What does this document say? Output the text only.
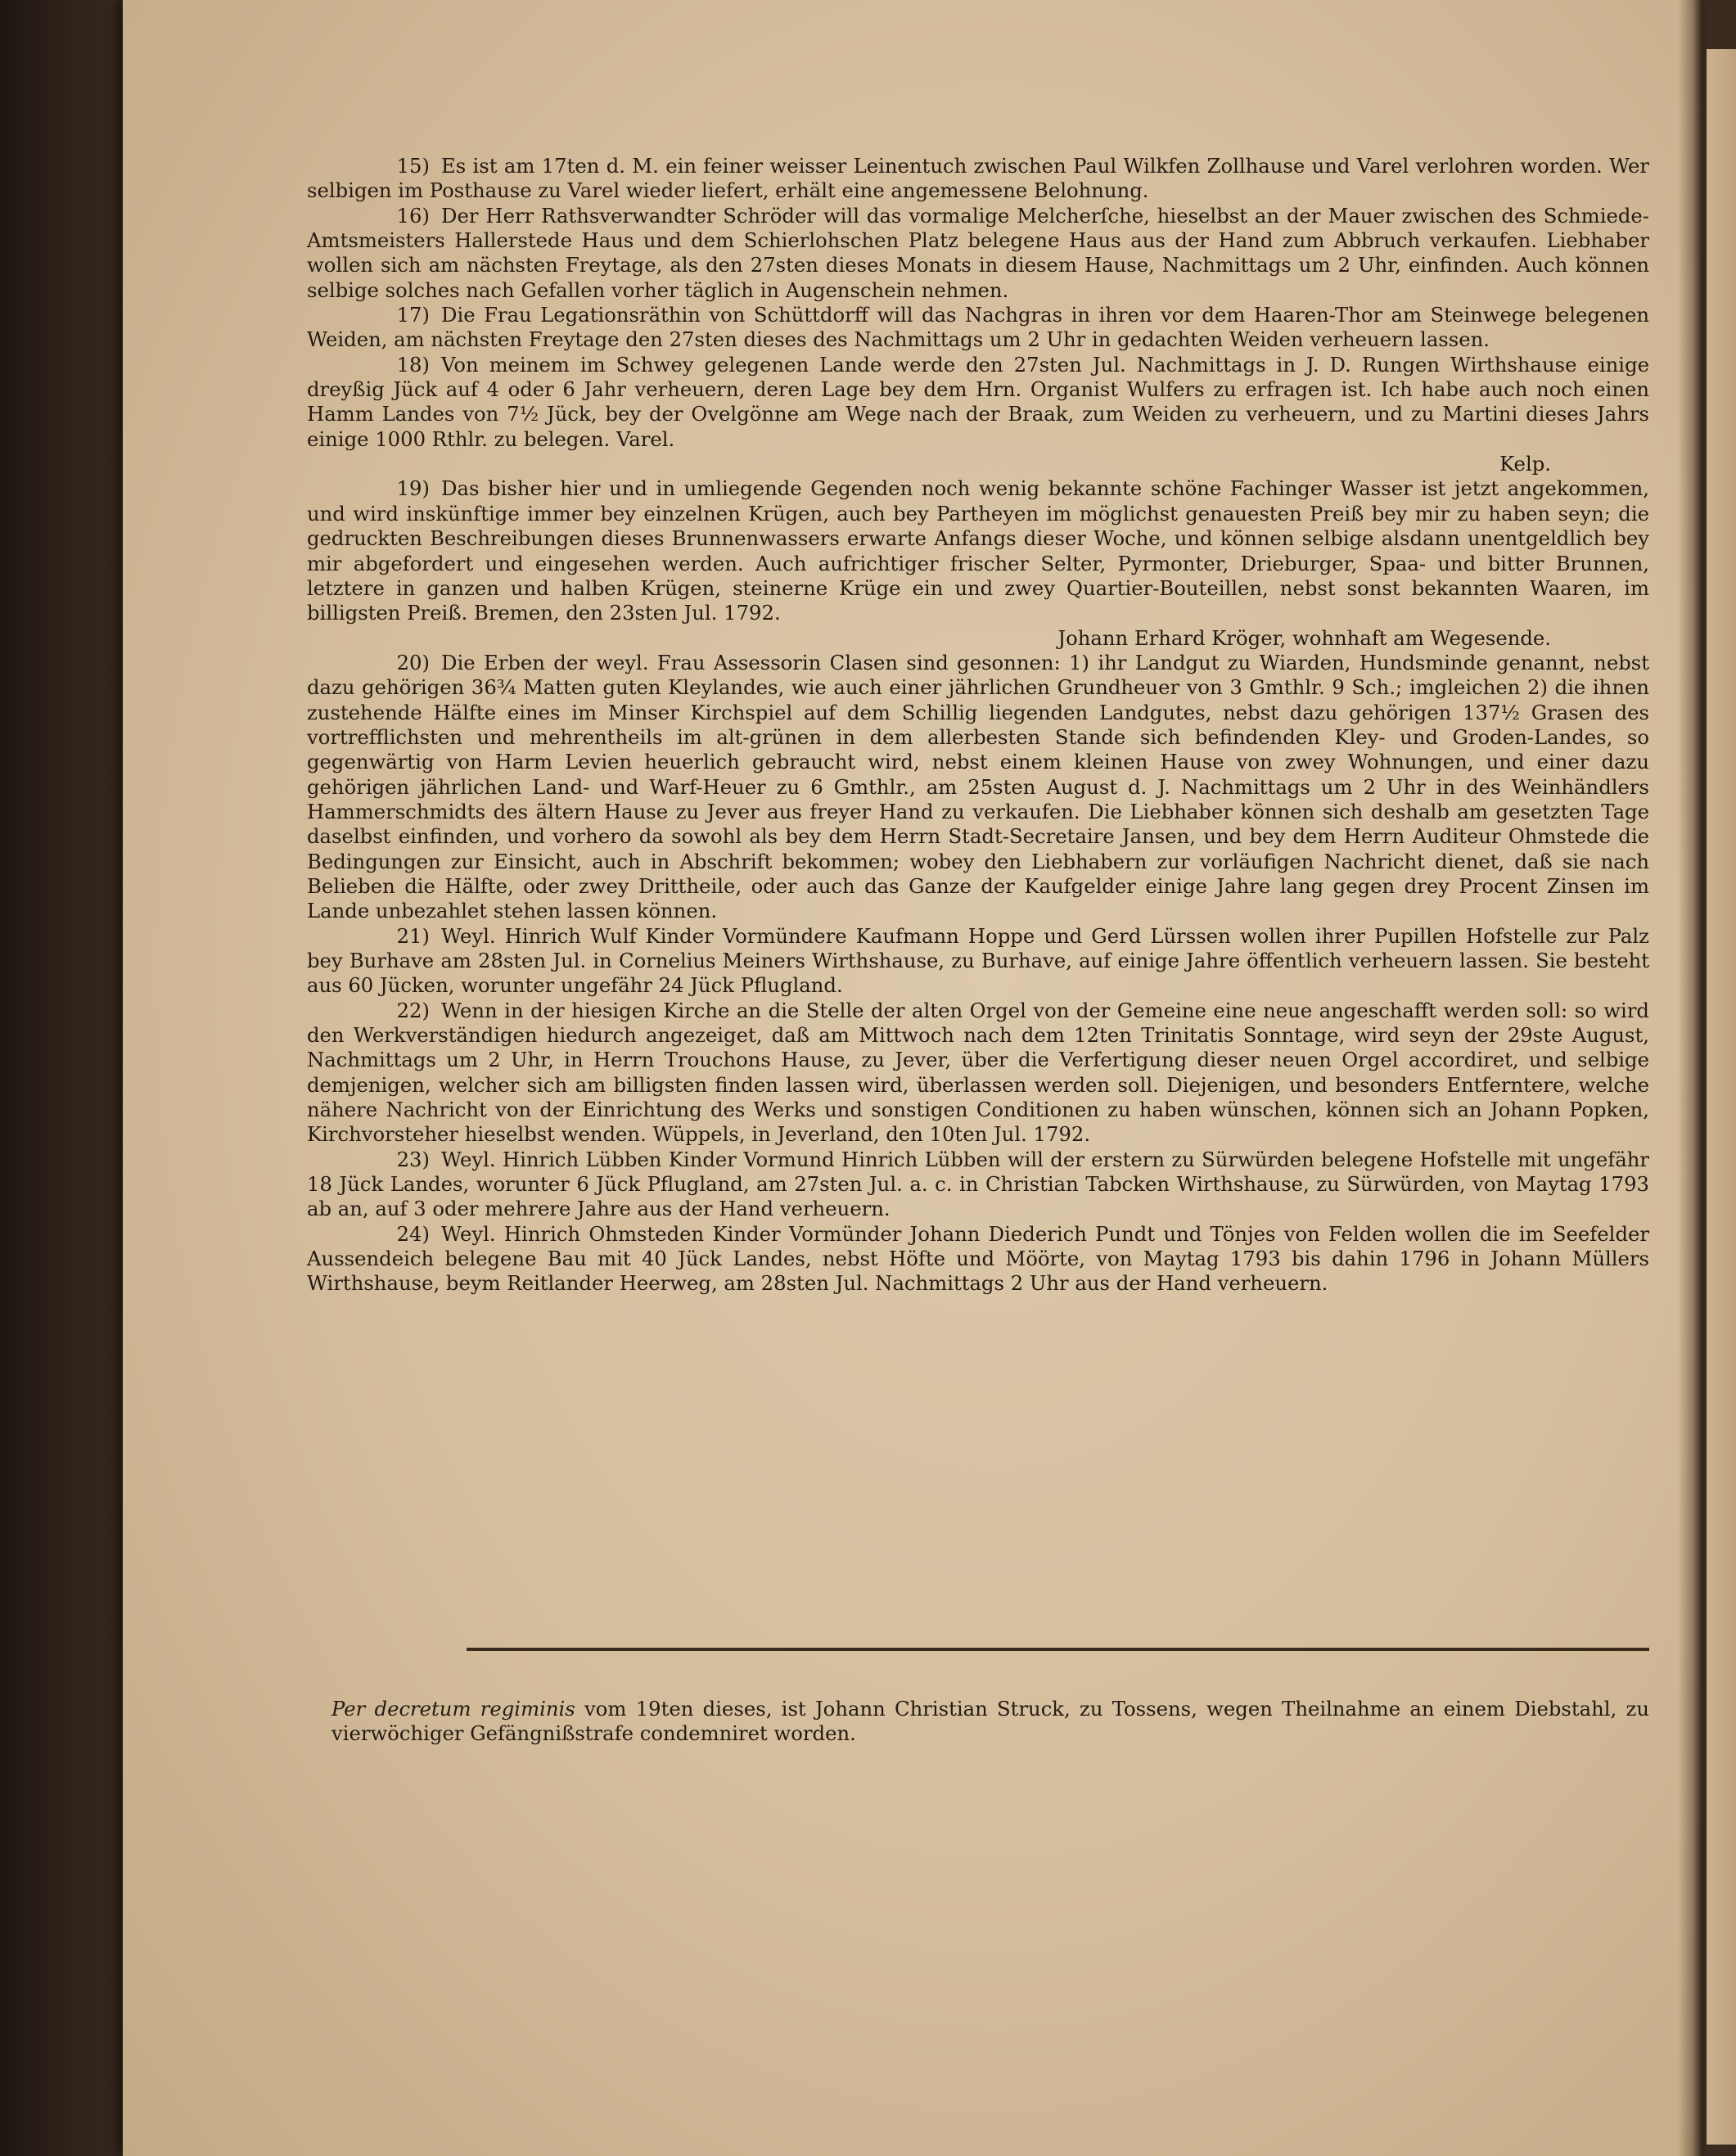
15) Es ist am 17ten d. M. ein feiner weisser Leinentuch zwischen Paul Wilkfen Zollhause und Varel verlohren worden. Wer selbigen im Posthause zu Varel wieder liefert, erhält eine angemessene Belohnung.

16) Der Herr Rathsverwandter Schröder will das vormalige Melcherſche, hieselbst an der Mauer zwischen des Schmiede-Amtsmeisters Hallerstede Haus und dem Schierlohschen Platz belegene Haus aus der Hand zum Abbruch verkaufen. Liebhaber wollen sich am nächsten Freytage, als den 27sten dieses Monats in diesem Hause, Nachmittags um 2 Uhr, einfinden. Auch können selbige solches nach Gefallen vorher täglich in Augenschein nehmen.

17) Die Frau Legationsräthin von Schüttdorff will das Nachgras in ihren vor dem Haaren-Thor am Steinwege belegenen Weiden, am nächsten Freytage den 27sten dieses des Nachmittags um 2 Uhr in gedachten Weiden verheuern lassen.

18) Von meinem im Schwey gelegenen Lande werde den 27sten Jul. Nachmittags in J. D. Rungen Wirthshause einige dreyßig Jück auf 4 oder 6 Jahr verheuern, deren Lage bey dem Hrn. Organist Wulfers zu erfragen ist. Ich habe auch noch einen Hamm Landes von 7½ Jück, bey der Ovelgönne am Wege nach der Braak, zum Weiden zu verheuern, und zu Martini dieses Jahrs einige 1000 Rthlr. zu belegen. Varel.
Kelp.

19) Das bisher hier und in umliegende Gegenden noch wenig bekannte schöne Fachinger Wasser ist jetzt angekommen, und wird inskünftige immer bey einzelnen Krügen, auch bey Partheyen im möglichst genauesten Preiß bey mir zu haben seyn; die gedruckten Beschreibungen dieses Brunnenwassers erwarte Anfangs dieser Woche, und können selbige alsdann unentgeldlich bey mir abgefordert und eingesehen werden. Auch aufrichtiger frischer Selter, Pyrmonter, Drieburger, Spaa- und bitter Brunnen, letztere in ganzen und halben Krügen, steinerne Krüge ein und zwey Quartier-Bouteillen, nebst sonst bekannten Waaren, im billigsten Preiß. Bremen, den 23sten Jul. 1792.
Johann Erhard Kröger, wohnhaft am Wegesende.

20) Die Erben der weyl. Frau Assessorin Clasen sind gesonnen: 1) ihr Landgut zu Wiarden, Hundsminde genannt, nebst dazu gehörigen 36¾ Matten guten Kleylandes, wie auch einer jährlichen Grundheuer von 3 Gmthlr. 9 Sch.; imgleichen 2) die ihnen zustehende Hälfte eines im Minser Kirchspiel auf dem Schillig liegenden Landgutes, nebst dazu gehörigen 137½ Grasen des vortrefflichsten und mehrentheils im alt-grünen in dem allerbesten Stande sich befindenden Kley- und Groden-Landes, so gegenwärtig von Harm Levien heuerlich gebraucht wird, nebst einem kleinen Hause von zwey Wohnungen, und einer dazu gehörigen jährlichen Land- und Warf-Heuer zu 6 Gmthlr., am 25sten August d. J. Nachmittags um 2 Uhr in des Weinhändlers Hammerschmidts des ältern Hause zu Jever aus freyer Hand zu verkaufen. Die Liebhaber können sich deshalb am gesetzten Tage daselbst einfinden, und vorhero da sowohl als bey dem Herrn Stadt-Secretaire Jansen, und bey dem Herrn Auditeur Ohmstede die Bedingungen zur Einsicht, auch in Abschrift bekommen; wobey den Liebhabern zur vorläufigen Nachricht dienet, daß sie nach Belieben die Hälfte, oder zwey Drittheile, oder auch das Ganze der Kaufgelder einige Jahre lang gegen drey Procent Zinsen im Lande unbezahlet stehen lassen können.

21) Weyl. Hinrich Wulf Kinder Vormündere Kaufmann Hoppe und Gerd Lürssen wollen ihrer Pupillen Hofstelle zur Palz bey Burhave am 28sten Jul. in Cornelius Meiners Wirthshause, zu Burhave, auf einige Jahre öffentlich verheuern lassen. Sie besteht aus 60 Jücken, worunter ungefähr 24 Jück Pflugland.

22) Wenn in der hiesigen Kirche an die Stelle der alten Orgel von der Gemeine eine neue angeschafft werden soll: so wird den Werkverständigen hiedurch angezeiget, daß am Mittwoch nach dem 12ten Trinitatis Sonntage, wird seyn der 29ste August, Nachmittags um 2 Uhr, in Herrn Trouchons Hause, zu Jever, über die Verfertigung dieser neuen Orgel accordiret, und selbige demjenigen, welcher sich am billigsten finden lassen wird, überlassen werden soll. Diejenigen, und besonders Entferntere, welche nähere Nachricht von der Einrichtung des Werks und sonstigen Conditionen zu haben wünschen, können sich an Johann Popken, Kirchvorsteher hieselbst wenden. Wüppels, in Jeverland, den 10ten Jul. 1792.

23) Weyl. Hinrich Lübben Kinder Vormund Hinrich Lübben will der erstern zu Sürwürden belegene Hofstelle mit ungefähr 18 Jück Landes, worunter 6 Jück Pflugland, am 27sten Jul. a. c. in Christian Tabcken Wirthshause, zu Sürwürden, von Maytag 1793 ab an, auf 3 oder mehrere Jahre aus der Hand verheuern.

24) Weyl. Hinrich Ohmsteden Kinder Vormünder Johann Diederich Pundt und Tönjes von Felden wollen die im Seefelder Aussendeich belegene Bau mit 40 Jück Landes, nebst Höfte und Möörte, von Maytag 1793 bis dahin 1796 in Johann Müllers Wirthshause, beym Reitlander Heerweg, am 28sten Jul. Nachmittags 2 Uhr aus der Hand verheuern.

Per decretum regiminis vom 19ten dieses, ist Johann Christian Struck, zu Tossens, wegen Theilnahme an einem Diebstahl, zu vierwöchiger Gefängnißstrafe condemniret worden.
